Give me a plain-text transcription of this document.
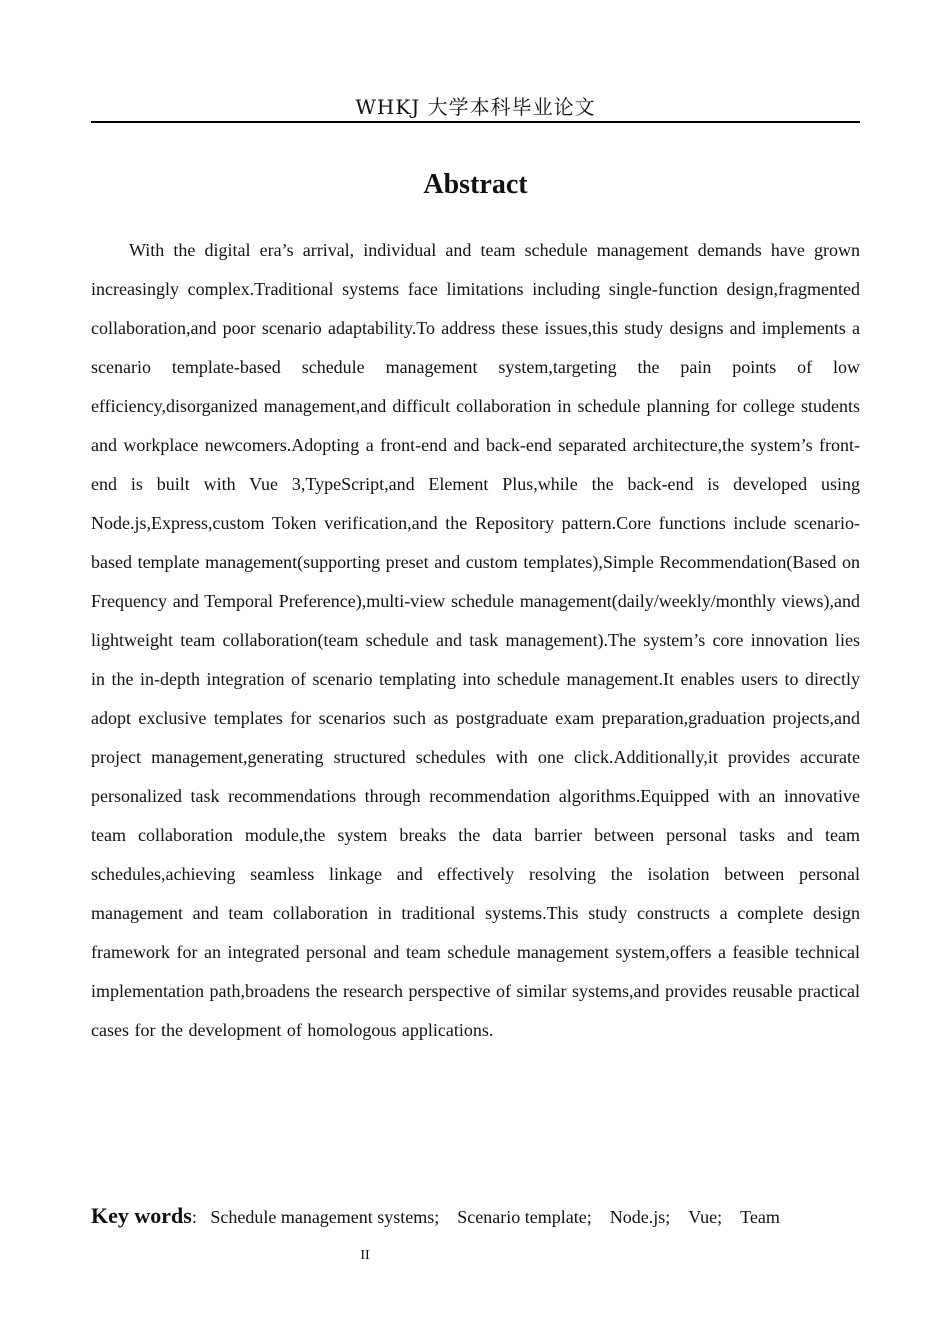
WHKJ 大学本科毕业论文
Abstract

With the digital era’s arrival, individual and team schedule management demands have grown increasingly complex.Traditional systems face limitations including single-function design,fragmented collaboration,and poor scenario adaptability.To address these issues,this study designs and implements a scenario template-based schedule management system,targeting the pain points of low efficiency,disorganized management,and difficult collaboration in schedule planning for college students and workplace newcomers.Adopting a front-end and back-end separated architecture,the system’s front-end is built with Vue 3,TypeScript,and Element Plus,while the back-end is developed using Node.js,Express,custom Token verification,and the Repository pattern.Core functions include scenario-based template management(supporting preset and custom templates),Simple Recommendation(Based on Frequency and Temporal Preference),multi-view schedule management(daily/weekly/monthly views),and lightweight team collaboration(team schedule and task management).The system’s core innovation lies in the in-depth integration of scenario templating into schedule management.It enables users to directly adopt exclusive templates for scenarios such as postgraduate exam preparation,graduation projects,and project management,generating structured schedules with one click.Additionally,it provides accurate personalized task recommendations through recommendation algorithms.Equipped with an innovative team collaboration module,the system breaks the data barrier between personal tasks and team schedules,achieving seamless linkage and effectively resolving the isolation between personal management and team collaboration in traditional systems.This study constructs a complete design framework for an integrated personal and team schedule management system,offers a feasible technical implementation path,broadens the research perspective of similar systems,and provides reusable practical cases for the development of homologous applications.

Key words: Schedule management systems; Scenario template; Node.js; Vue; Team

II
